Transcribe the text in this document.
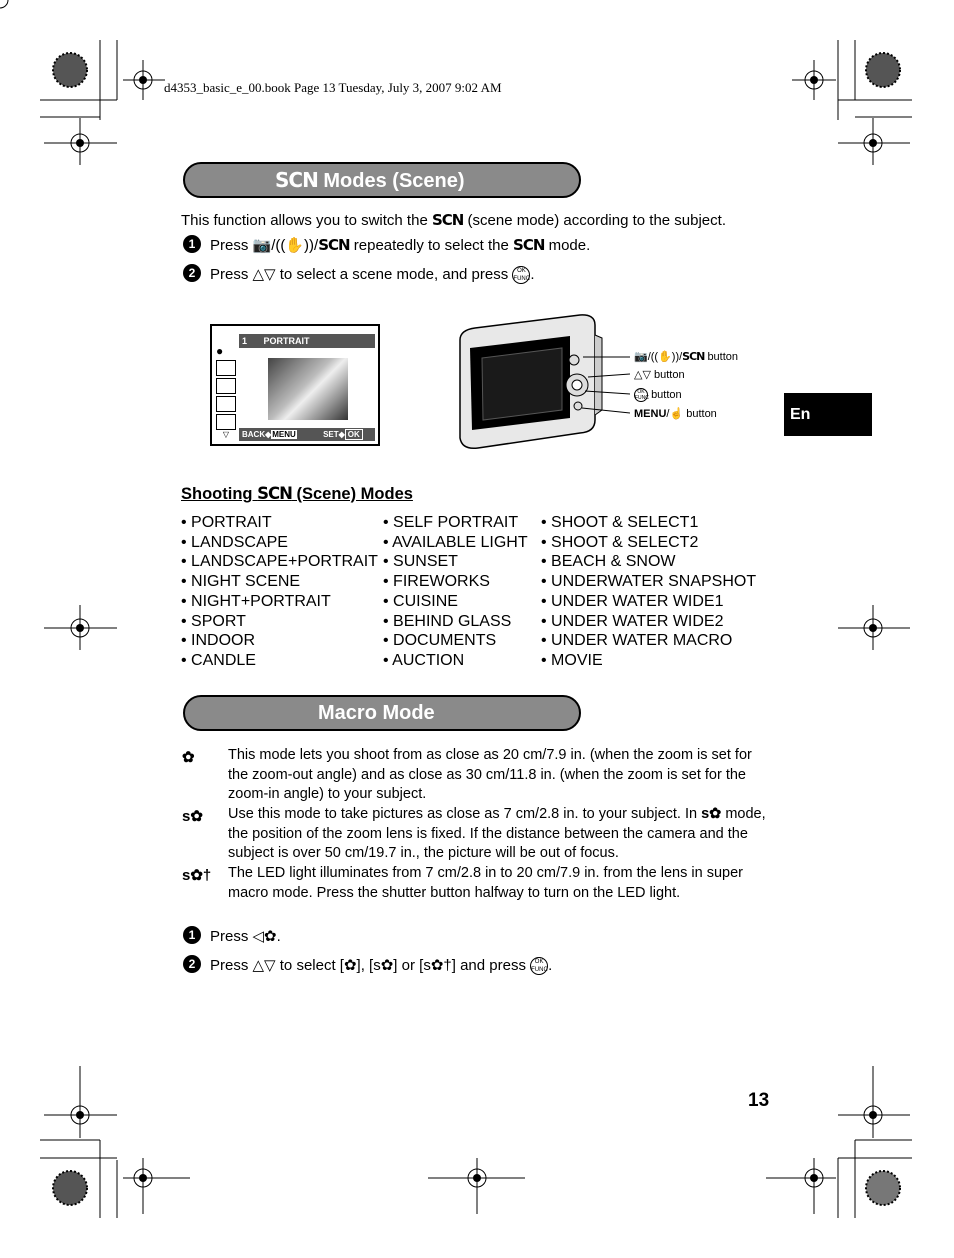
d4353_basic_e_00.book Page 13 Tuesday, July 3, 2007 9:02 AM
SCN Modes (Scene)
This function allows you to switch the SCN (scene mode) according to the subject.
1 Press 📷/((✋))/SCN repeatedly to select the SCN mode.
2 Press △▽ to select a scene mode, and press OK
FUNC.
1 PORTRAIT
●
▽	BACK◆MENU	SET◆ OK
📷/((✋))/SCN button
△▽ button
OK
FUNC button
MENU/☝ button	En
Shooting SCN (Scene) Modes
• PORTRAIT
• LANDSCAPE
• LANDSCAPE+PORTRAIT
• NIGHT SCENE
• NIGHT+PORTRAIT
• SPORT
• INDOOR
• CANDLE
• SELF PORTRAIT
• AVAILABLE LIGHT
• SUNSET
• FIREWORKS
• CUISINE
• BEHIND GLASS
• DOCUMENTS
• AUCTION
• SHOOT & SELECT1
• SHOOT & SELECT2
• BEACH & SNOW
• UNDERWATER SNAPSHOT
• UNDER WATER WIDE1
• UNDER WATER WIDE2
• UNDER WATER MACRO
• MOVIE
Macro Mode
✿ This mode lets you shoot from as close as 20 cm/7.9 in. (when the zoom is set for the zoom-out angle) and as close as 30 cm/11.8 in. (when the zoom is set for the zoom-in angle) to your subject.
s✿ Use this mode to take pictures as close as 7 cm/2.8 in. to your subject. In s✿ mode, the position of the zoom lens is fixed. If the distance between the camera and the subject is over 50 cm/19.7 in., the picture will be out of focus.
s✿† The LED light illuminates from 7 cm/2.8 in to 20 cm/7.9 in. from the lens in super macro mode. Press the shutter button halfway to turn on the LED light.
1 Press ◁✿.
2 Press △▽ to select [✿], [s✿] or [s✿†] and press OK
FUNC.
13
